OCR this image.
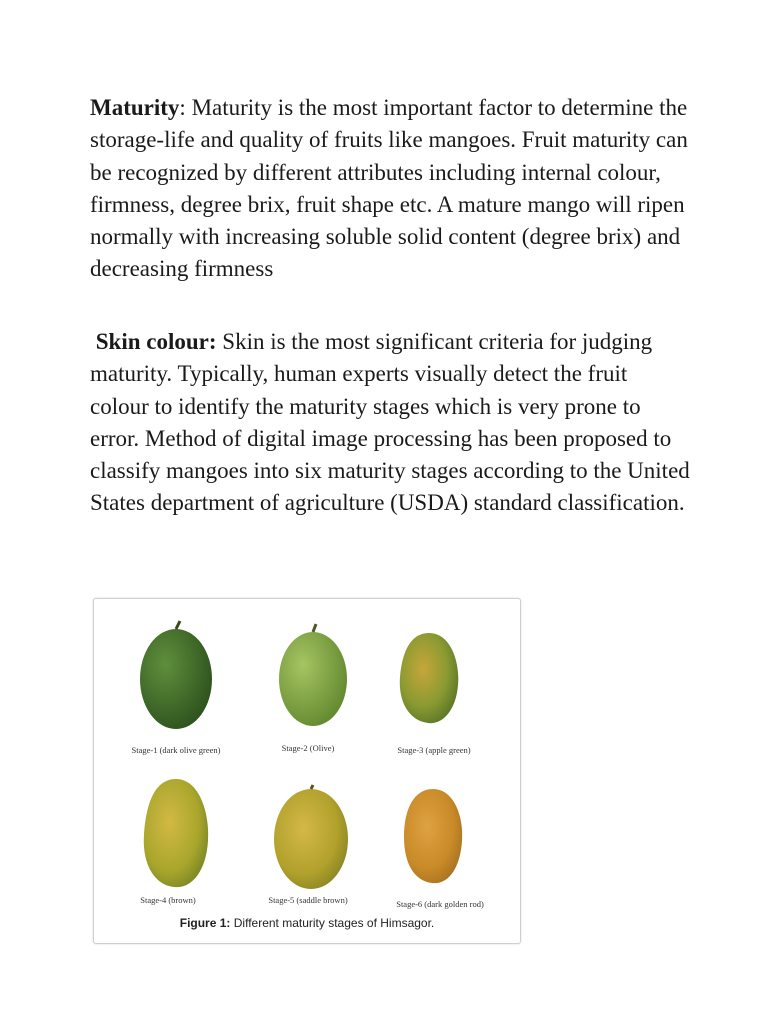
Maturity: Maturity is the most important factor to determine the storage-life and quality of fruits like mangoes. Fruit maturity can be recognized by different attributes including internal colour, firmness, degree brix, fruit shape etc. A mature mango will ripen normally with increasing soluble solid content (degree brix) and decreasing firmness

Skin colour: Skin is the most significant criteria for judging maturity. Typically, human experts visually detect the fruit colour to identify the maturity stages which is very prone to error. Method of digital image processing has been proposed to classify mangoes into six maturity stages according to the United States department of agriculture (USDA) standard classification.

Stage-1 (dark olive green)	Stage-2 (Olive)	Stage-3 (apple green)
Stage-4 (brown)	Stage-5 (saddle brown)	Stage-6 (dark golden rod)
Figure 1: Different maturity stages of Himsagor.
